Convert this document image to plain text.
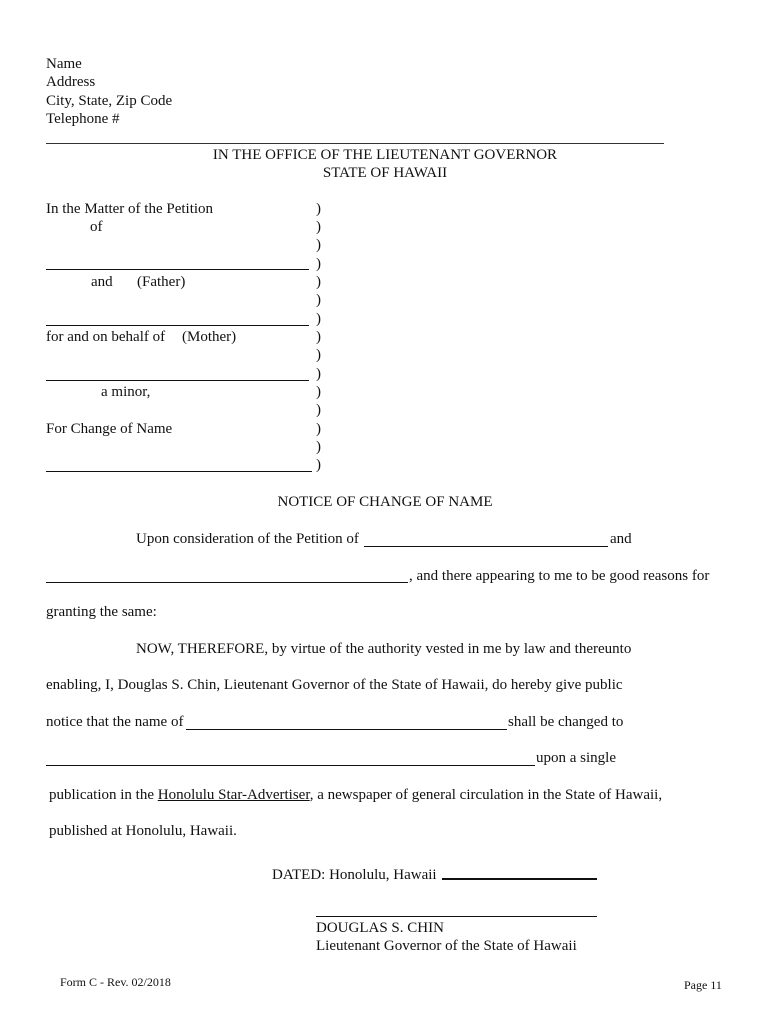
Name
Address
City, State, Zip Code
Telephone #
IN THE OFFICE OF THE LIEUTENANT GOVERNOR
STATE OF HAWAII
In the Matter of the Petition
of
and (Father)
for and on behalf of (Mother)
a minor,
For Change of Name
)
)
)
)
)
)
)
)
)
)
)
)
)
)
)
NOTICE OF CHANGE OF NAME
Upon consideration of the Petition of	and
, and there appearing to me to be good reasons for
granting the same:
NOW, THEREFORE, by virtue of the authority vested in me by law and thereunto
enabling, I, Douglas S. Chin, Lieutenant Governor of the State of Hawaii, do hereby give public
notice that the name of	shall be changed to
upon a single
publication in the Honolulu Star-Advertiser, a newspaper of general circulation in the State of Hawaii,
published at Honolulu, Hawaii.
DATED: Honolulu, Hawaii
DOUGLAS S. CHIN
Lieutenant Governor of the State of Hawaii
Form C - Rev. 02/2018	Page 11
